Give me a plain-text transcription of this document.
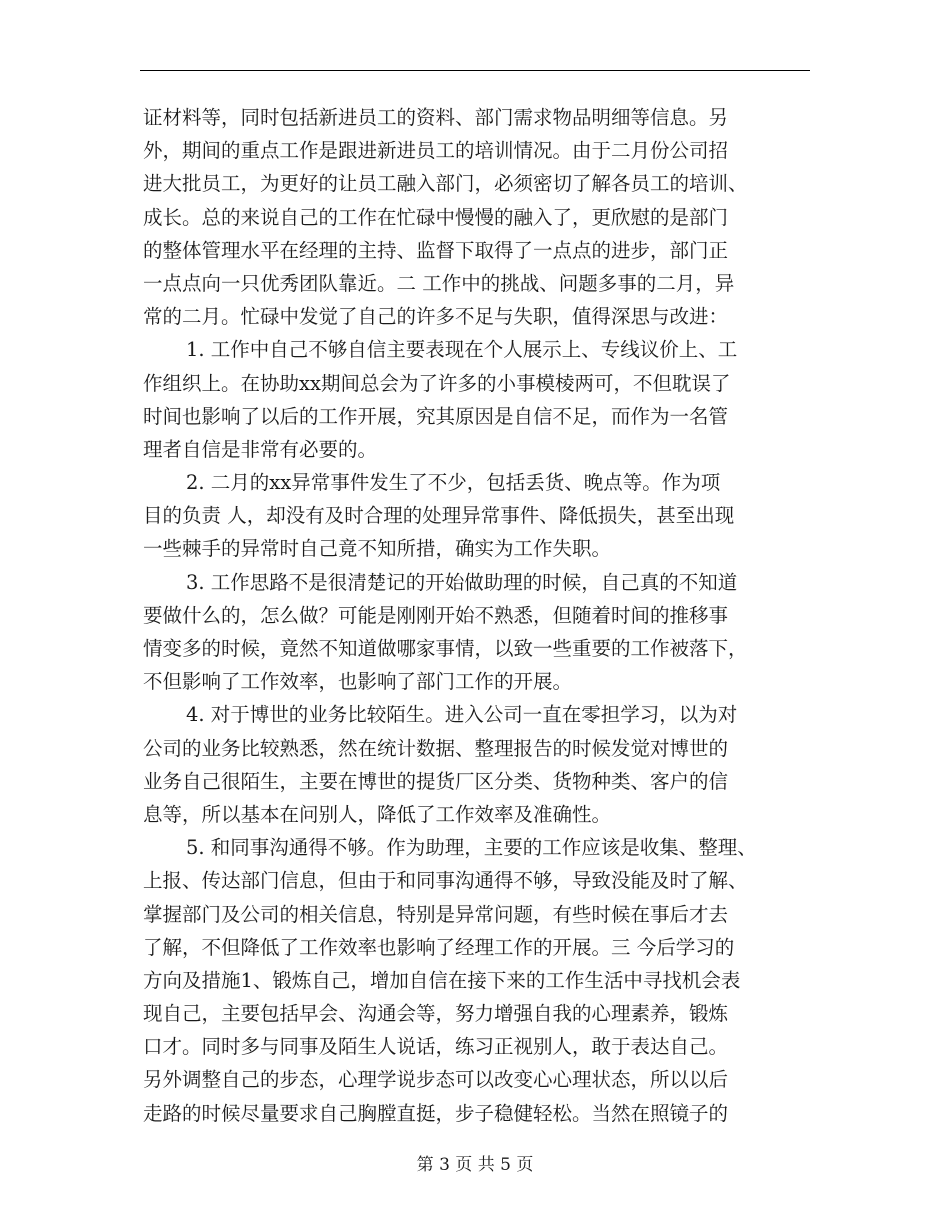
证材料等，同时包括新进员工的资料、部门需求物品明细等信息。另
外，期间的重点工作是跟进新进员工的培训情况。由于二月份公司招
进大批员工，为更好的让员工融入部门，必须密切了解各员工的培训、
成长。总的来说自己的工作在忙碌中慢慢的融入了，更欣慰的是部门
的整体管理水平在经理的主持、监督下取得了一点点的进步，部门正
一点点向一只优秀团队靠近。二 工作中的挑战、问题多事的二月，异
常的二月。忙碌中发觉了自己的许多不足与失职，值得深思与改进：
1. 工作中自己不够自信主要表现在个人展示上、专线议价上、工
作组织上。在协助xx期间总会为了许多的小事模棱两可，不但耽误了
时间也影响了以后的工作开展，究其原因是自信不足，而作为一名管
理者自信是非常有必要的。
2. 二月的xx异常事件发生了不少，包括丢货、晚点等。作为项
目的负责 人，却没有及时合理的处理异常事件、降低损失，甚至出现
一些棘手的异常时自己竟不知所措，确实为工作失职。
3. 工作思路不是很清楚记的开始做助理的时候，自己真的不知道
要做什么的，怎么做？可能是刚刚开始不熟悉，但随着时间的推移事
情变多的时候，竟然不知道做哪家事情，以致一些重要的工作被落下，
不但影响了工作效率，也影响了部门工作的开展。
4. 对于博世的业务比较陌生。进入公司一直在零担学习，以为对
公司的业务比较熟悉，然在统计数据、整理报告的时候发觉对博世的
业务自己很陌生，主要在博世的提货厂区分类、货物种类、客户的信
息等，所以基本在问别人，降低了工作效率及准确性。
5. 和同事沟通得不够。作为助理，主要的工作应该是收集、整理、
上报、传达部门信息，但由于和同事沟通得不够，导致没能及时了解、
掌握部门及公司的相关信息，特别是异常问题，有些时候在事后才去
了解，不但降低了工作效率也影响了经理工作的开展。三 今后学习的
方向及措施1、锻炼自己，增加自信在接下来的工作生活中寻找机会表
现自己，主要包括早会、沟通会等，努力增强自我的心理素养，锻炼
口才。同时多与同事及陌生人说话，练习正视别人，敢于表达自己。
另外调整自己的步态，心理学说步态可以改变心心理状态，所以以后
走路的时候尽量要求自己胸膛直挺，步子稳健轻松。当然在照镜子的
第 3 页 共 5 页
